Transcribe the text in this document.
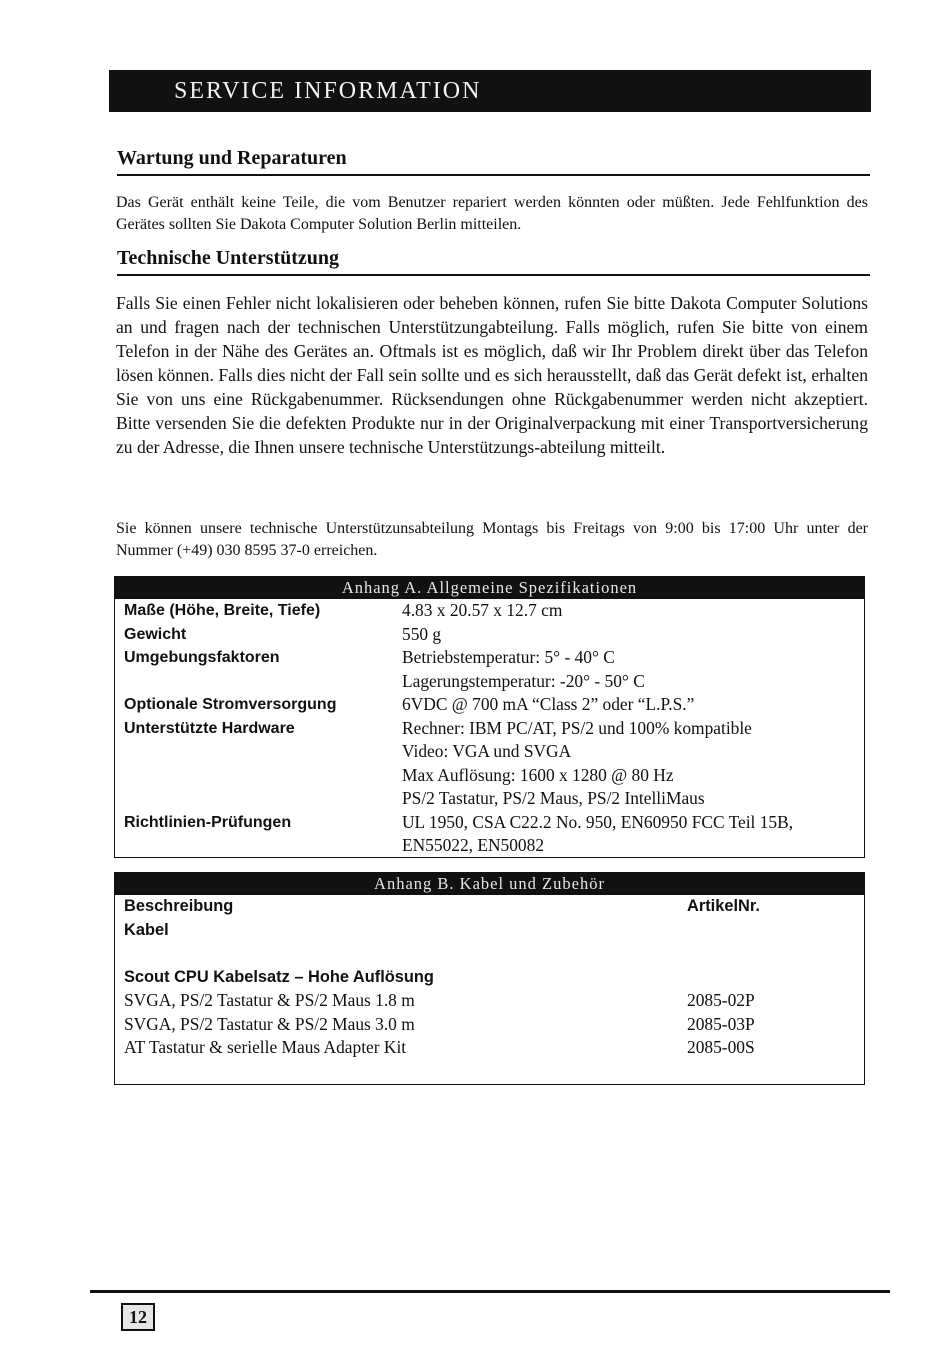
SERVICE INFORMATION
Wartung und Reparaturen

Das Gerät enthält keine Teile, die vom Benutzer repariert werden könnten oder müßten. Jede Fehlfunktion des Gerätes sollten Sie Dakota Computer Solution Berlin mitteilen.

Technische Unterstützung

Falls Sie einen Fehler nicht lokalisieren oder beheben können, rufen Sie bitte Dakota Computer Solutions an und fragen nach der technischen Unterstützungabteilung. Falls möglich, rufen Sie bitte von einem Telefon in der Nähe des Gerätes an. Oftmals ist es möglich, daß wir Ihr Problem direkt über das Telefon lösen können. Falls dies nicht der Fall sein sollte und es sich herausstellt, daß das Gerät defekt ist, erhalten Sie von uns eine Rückgabenummer. Rücksendungen ohne Rückgabenummer werden nicht akzeptiert. Bitte versenden Sie die defekten Produkte nur in der Originalverpackung mit einer Transportversicherung zu der Adresse, die Ihnen unsere technische Unterstützungs-abteilung mitteilt.

Sie können unsere technische Unterstützunsabteilung Montags bis Freitags von 9:00 bis 17:00 Uhr unter der Nummer (+49) 030 8595 37-0 erreichen.

Anhang A. Allgemeine Spezifikationen
Maße (Höhe, Breite, Tiefe)	4.83 x 20.57 x 12.7 cm
Gewicht	550 g
Umgebungsfaktoren	Betriebstemperatur: 5° - 40° C
Lagerungstemperatur: -20° - 50° C
Optionale Stromversorgung	6VDC @ 700 mA “Class 2” oder “L.P.S.”
Unterstützte Hardware	Rechner: IBM PC/AT, PS/2 und 100% kompatible
Video: VGA und SVGA
Max Auflösung: 1600 x 1280 @ 80 Hz
PS/2 Tastatur, PS/2 Maus, PS/2 IntelliMaus
Richtlinien-Prüfungen	UL 1950, CSA C22.2 No. 950, EN60950 FCC Teil 15B,
EN55022, EN50082
Anhang B. Kabel und Zubehör
Beschreibung	ArtikelNr.
Kabel
Scout CPU Kabelsatz – Hohe Auflösung
SVGA, PS/2 Tastatur & PS/2 Maus 1.8 m	2085-02P
SVGA, PS/2 Tastatur & PS/2 Maus 3.0 m	2085-03P
AT Tastatur & serielle Maus Adapter Kit	2085-00S
12
